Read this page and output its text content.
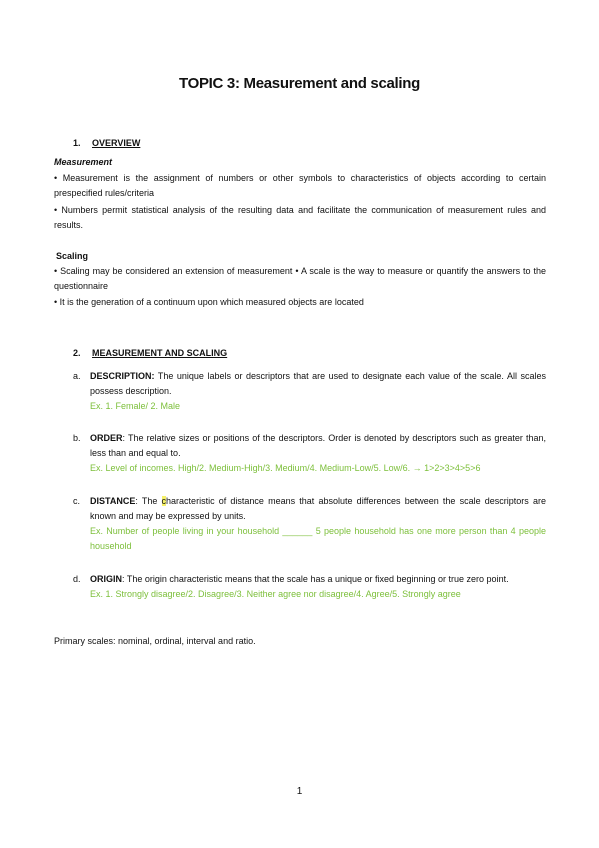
TOPIC 3: Measurement and scaling
1. OVERVIEW
Measurement
• Measurement is the assignment of numbers or other symbols to characteristics of objects according to certain prespecified rules/criteria
• Numbers permit statistical analysis of the resulting data and facilitate the communication of measurement rules and results.
Scaling
• Scaling may be considered an extension of measurement • A scale is the way to measure or quantify the answers to the questionnaire
• It is the generation of a continuum upon which measured objects are located
2. MEASUREMENT AND SCALING
a. DESCRIPTION: The unique labels or descriptors that are used to designate each value of the scale. All scales possess description.
Ex. 1. Female/ 2. Male
b. ORDER: The relative sizes or positions of the descriptors. Order is denoted by descriptors such as greater than, less than and equal to.
Ex. Level of incomes. High/2. Medium-High/3. Medium/4. Medium-Low/5. Low/6. → 1>2>3>4>5>6
c. DISTANCE: The characteristic of distance means that absolute differences between the scale descriptors are known and may be expressed by units.
Ex. Number of people living in your household ______ 5 people household has one more person than 4 people household
d. ORIGIN: The origin characteristic means that the scale has a unique or fixed beginning or true zero point.
Ex. 1. Strongly disagree/2. Disagree/3. Neither agree nor disagree/4. Agree/5. Strongly agree
Primary scales: nominal, ordinal, interval and ratio.
1
